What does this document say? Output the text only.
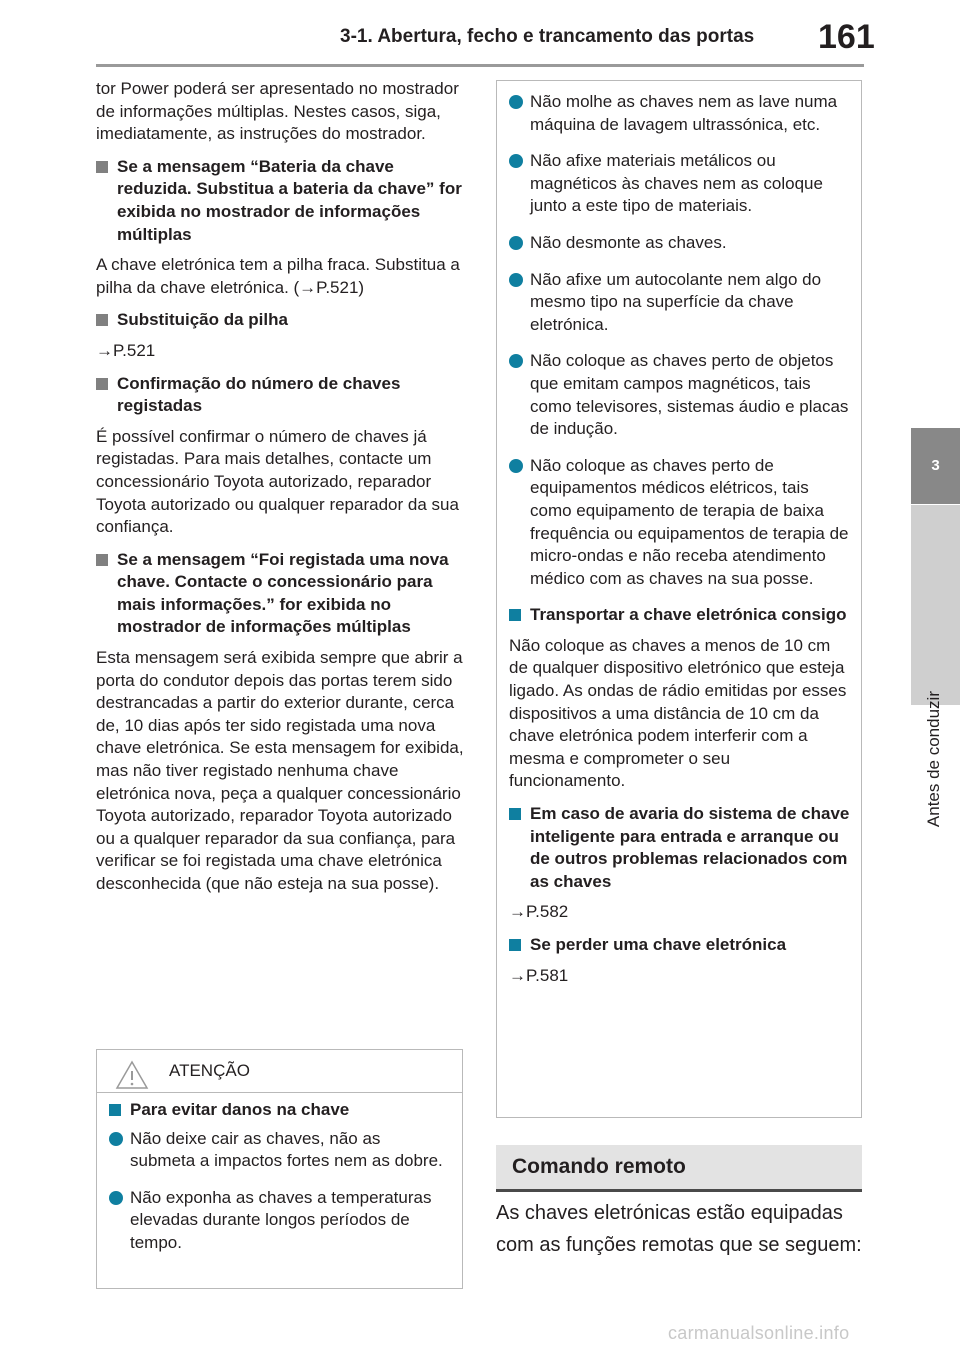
3-1. Abertura, fecho e trancamento das portas	161
3
Antes de conduzir

tor Power poderá ser apresentado no mostrador de informações múltiplas. Nestes casos, siga, imediatamente, as instruções do mostrador.

Se a mensagem “Bateria da chave reduzida. Substitua a bateria da chave” for exibida no mostrador de informações múltiplas

A chave eletrónica tem a pilha fraca. Substitua a pilha da chave eletrónica. (→P.521)

Substituição da pilha

→P.521

Confirmação do número de chaves registadas

É possível confirmar o número de chaves já registadas. Para mais detalhes, contacte um concessionário Toyota autorizado, reparador Toyota autorizado ou qualquer reparador da sua confiança.

Se a mensagem “Foi registada uma nova chave. Contacte o concessionário para mais informações.” for exibida no mostrador de informações múltiplas

Esta mensagem será exibida sempre que abrir a porta do condutor depois das portas terem sido destrancadas a partir do exterior durante, cerca de, 10 dias após ter sido registada uma nova chave eletrónica. Se esta mensagem for exibida, mas não tiver registado nenhuma chave eletrónica nova, peça a qualquer concessionário Toyota autorizado, reparador Toyota autorizado ou a qualquer reparador da sua confiança, para verificar se foi registada uma chave eletrónica desconhecida (que não esteja na sua posse).

ATENÇÃO
Para evitar danos na chave
Não deixe cair as chaves, não as submeta a impactos fortes nem as dobre.
Não exponha as chaves a temperaturas elevadas durante longos períodos de tempo.
Não molhe as chaves nem as lave numa máquina de lavagem ultrassónica, etc.
Não afixe materiais metálicos ou magnéticos às chaves nem as coloque junto a este tipo de materiais.
Não desmonte as chaves.
Não afixe um autocolante nem algo do mesmo tipo na superfície da chave eletrónica.
Não coloque as chaves perto de objetos que emitam campos magnéticos, tais como televisores, sistemas áudio e placas de indução.
Não coloque as chaves perto de equipamentos médicos elétricos, tais como equipamento de terapia de baixa frequência ou equipamentos de terapia de micro-ondas e não receba atendimento médico com as chaves na sua posse.
Transportar a chave eletrónica consigo

Não coloque as chaves a menos de 10 cm de qualquer dispositivo eletrónico que esteja ligado. As ondas de rádio emitidas por esses dispositivos a uma distância de 10 cm da chave eletrónica podem interferir com a mesma e comprometer o seu funcionamento.

Em caso de avaria do sistema de chave inteligente para entrada e arranque ou de outros problemas relacionados com as chaves

→P.582

Se perder uma chave eletrónica

→P.581

Comando remoto
As chaves eletrónicas estão equipadas com as funções remotas que se seguem:
carmanualsonline.info
